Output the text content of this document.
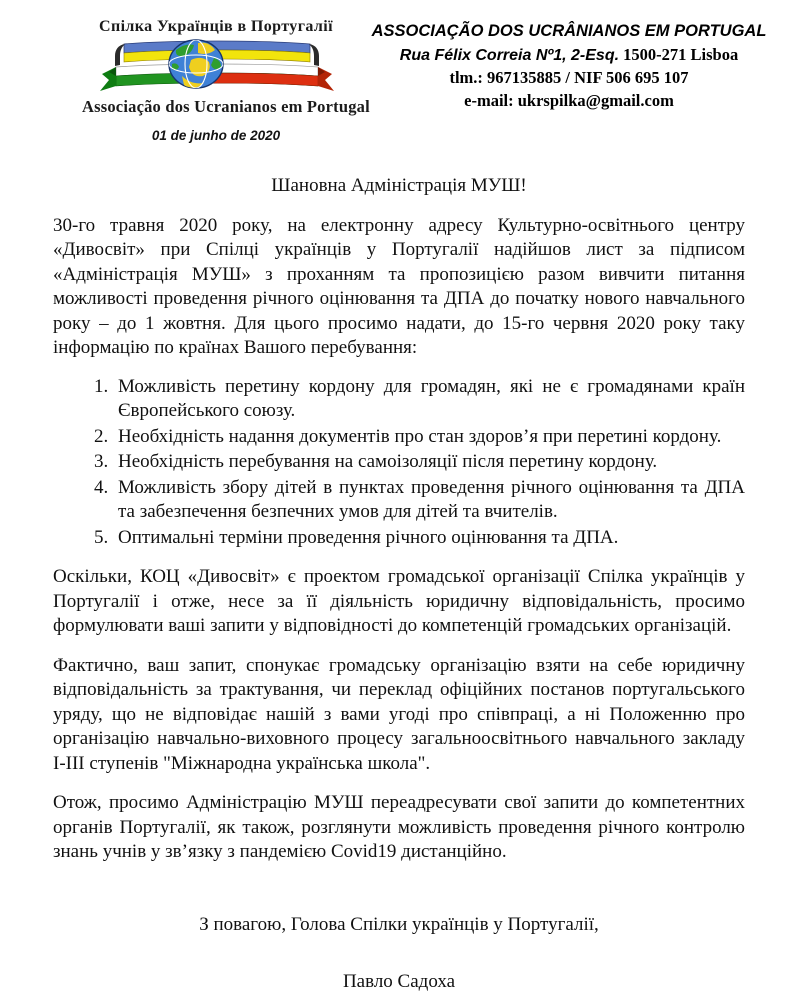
Спілка Українців в Португалії
Associação dos Ucranianos em Portugal
01 de junho de 2020
ASSOCIAÇÃO DOS UCRÂNIANOS EM PORTUGAL
Rua Félix Correia Nº1, 2-Esq. 1500-271 Lisboa
tlm.: 967135885 / NIF 506 695 107
e-mail: ukrspilka@gmail.com
Шановна Адміністрація МУШ!

30-го травня 2020 року, на електронну адресу Культурно-освітнього центру «Дивосвіт» при Спілці українців у Португалії надійшов лист за підписом «Адміністрація МУШ» з проханням та пропозицією разом вивчити питання можливості проведення річного оцінювання та ДПА до початку нового навчального року – до 1 жовтня. Для цього просимо надати, до 15-го червня 2020 року таку інформацію по країнах Вашого перебування:

1. Можливість перетину кордону для громадян, які не є громадянами країн Європейського союзу.
2. Необхідність надання документів про стан здоров’я при перетині кордону.
3. Необхідність перебування на самоізоляції після перетину кордону.
4. Можливість збору дітей в пунктах проведення річного оцінювання та ДПА та забезпечення безпечних умов для дітей та вчителів.
5. Оптимальні терміни проведення річного оцінювання та ДПА.

Оскільки, КОЦ «Дивосвіт» є проектом громадської організації Спілка українців у Португалії і отже, несе за її діяльність юридичну відповідальність, просимо формулювати ваші запити у відповідності до компетенцій громадських організацій.

Фактично, ваш запит, спонукає громадську організацію взяти на себе юридичну відповідальність за трактування, чи переклад офіційних постанов португальського уряду, що не відповідає нашій з вами угоді про співпраці, а ні Положенню про організацію навчально-виховного процесу загальноосвітнього навчального закладу І-ІІІ ступенів "Міжнародна українська школа".

Отож, просимо Адміністрацію МУШ переадресувати свої запити до компетентних органів Португалії, як також, розглянути можливість проведення річного контролю знань учнів у зв’язку з пандемією Covid19 дистанційно.

З повагою, Голова Спілки українців у Португалії,
Павло Садоха
